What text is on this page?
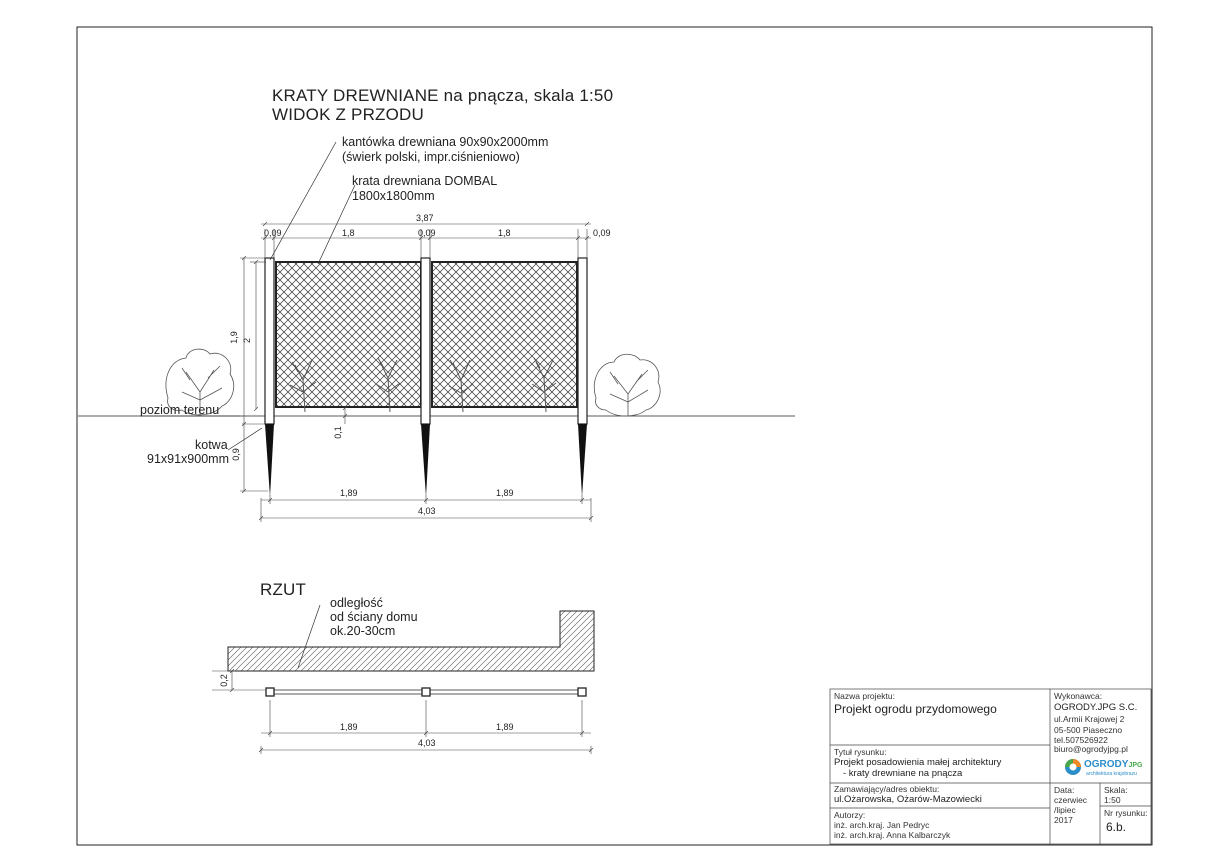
KRATY DREWNIANE na pnącza, skala 1:50
WIDOK Z PRZODU
kantówka drewniana 90x90x2000mm
(świerk polski, impr.ciśnieniowo)
krata drewniana DOMBAL
1800x1800mm
poziom terenu
kotwa
91x91x900mm
3,87
0,09	1,8	0,09	1,8	0,09
1,9 2
0,1
0,9
1,89	1,89
4,03
RZUT
odległość
od ściany domu
ok.20-30cm
0,2
1,89	1,89
4,03
Nazwa projektu:
Projekt ogrodu przydomowego
Tytuł rysunku:
Projekt posadowienia małej architektury
- kraty drewniane na pnącza
Zamawiający/adres obiektu:
ul.Ożarowska, Ożarów-Mazowiecki
Autorzy:
inż. arch.kraj. Jan Pedryc
inż. arch.kraj. Anna Kalbarczyk
Wykonawca:
OGRODY.JPG S.C.
ul.Armii Krajowej 2
05-500 Piaseczno
tel.507526922
biuro@ogrodyjpg.pl
OGRODYJPG
architektura krajobrazu
Data:
czerwiec
/lipiec
2017
Skala:
1:50
Nr rysunku:
6.b.
